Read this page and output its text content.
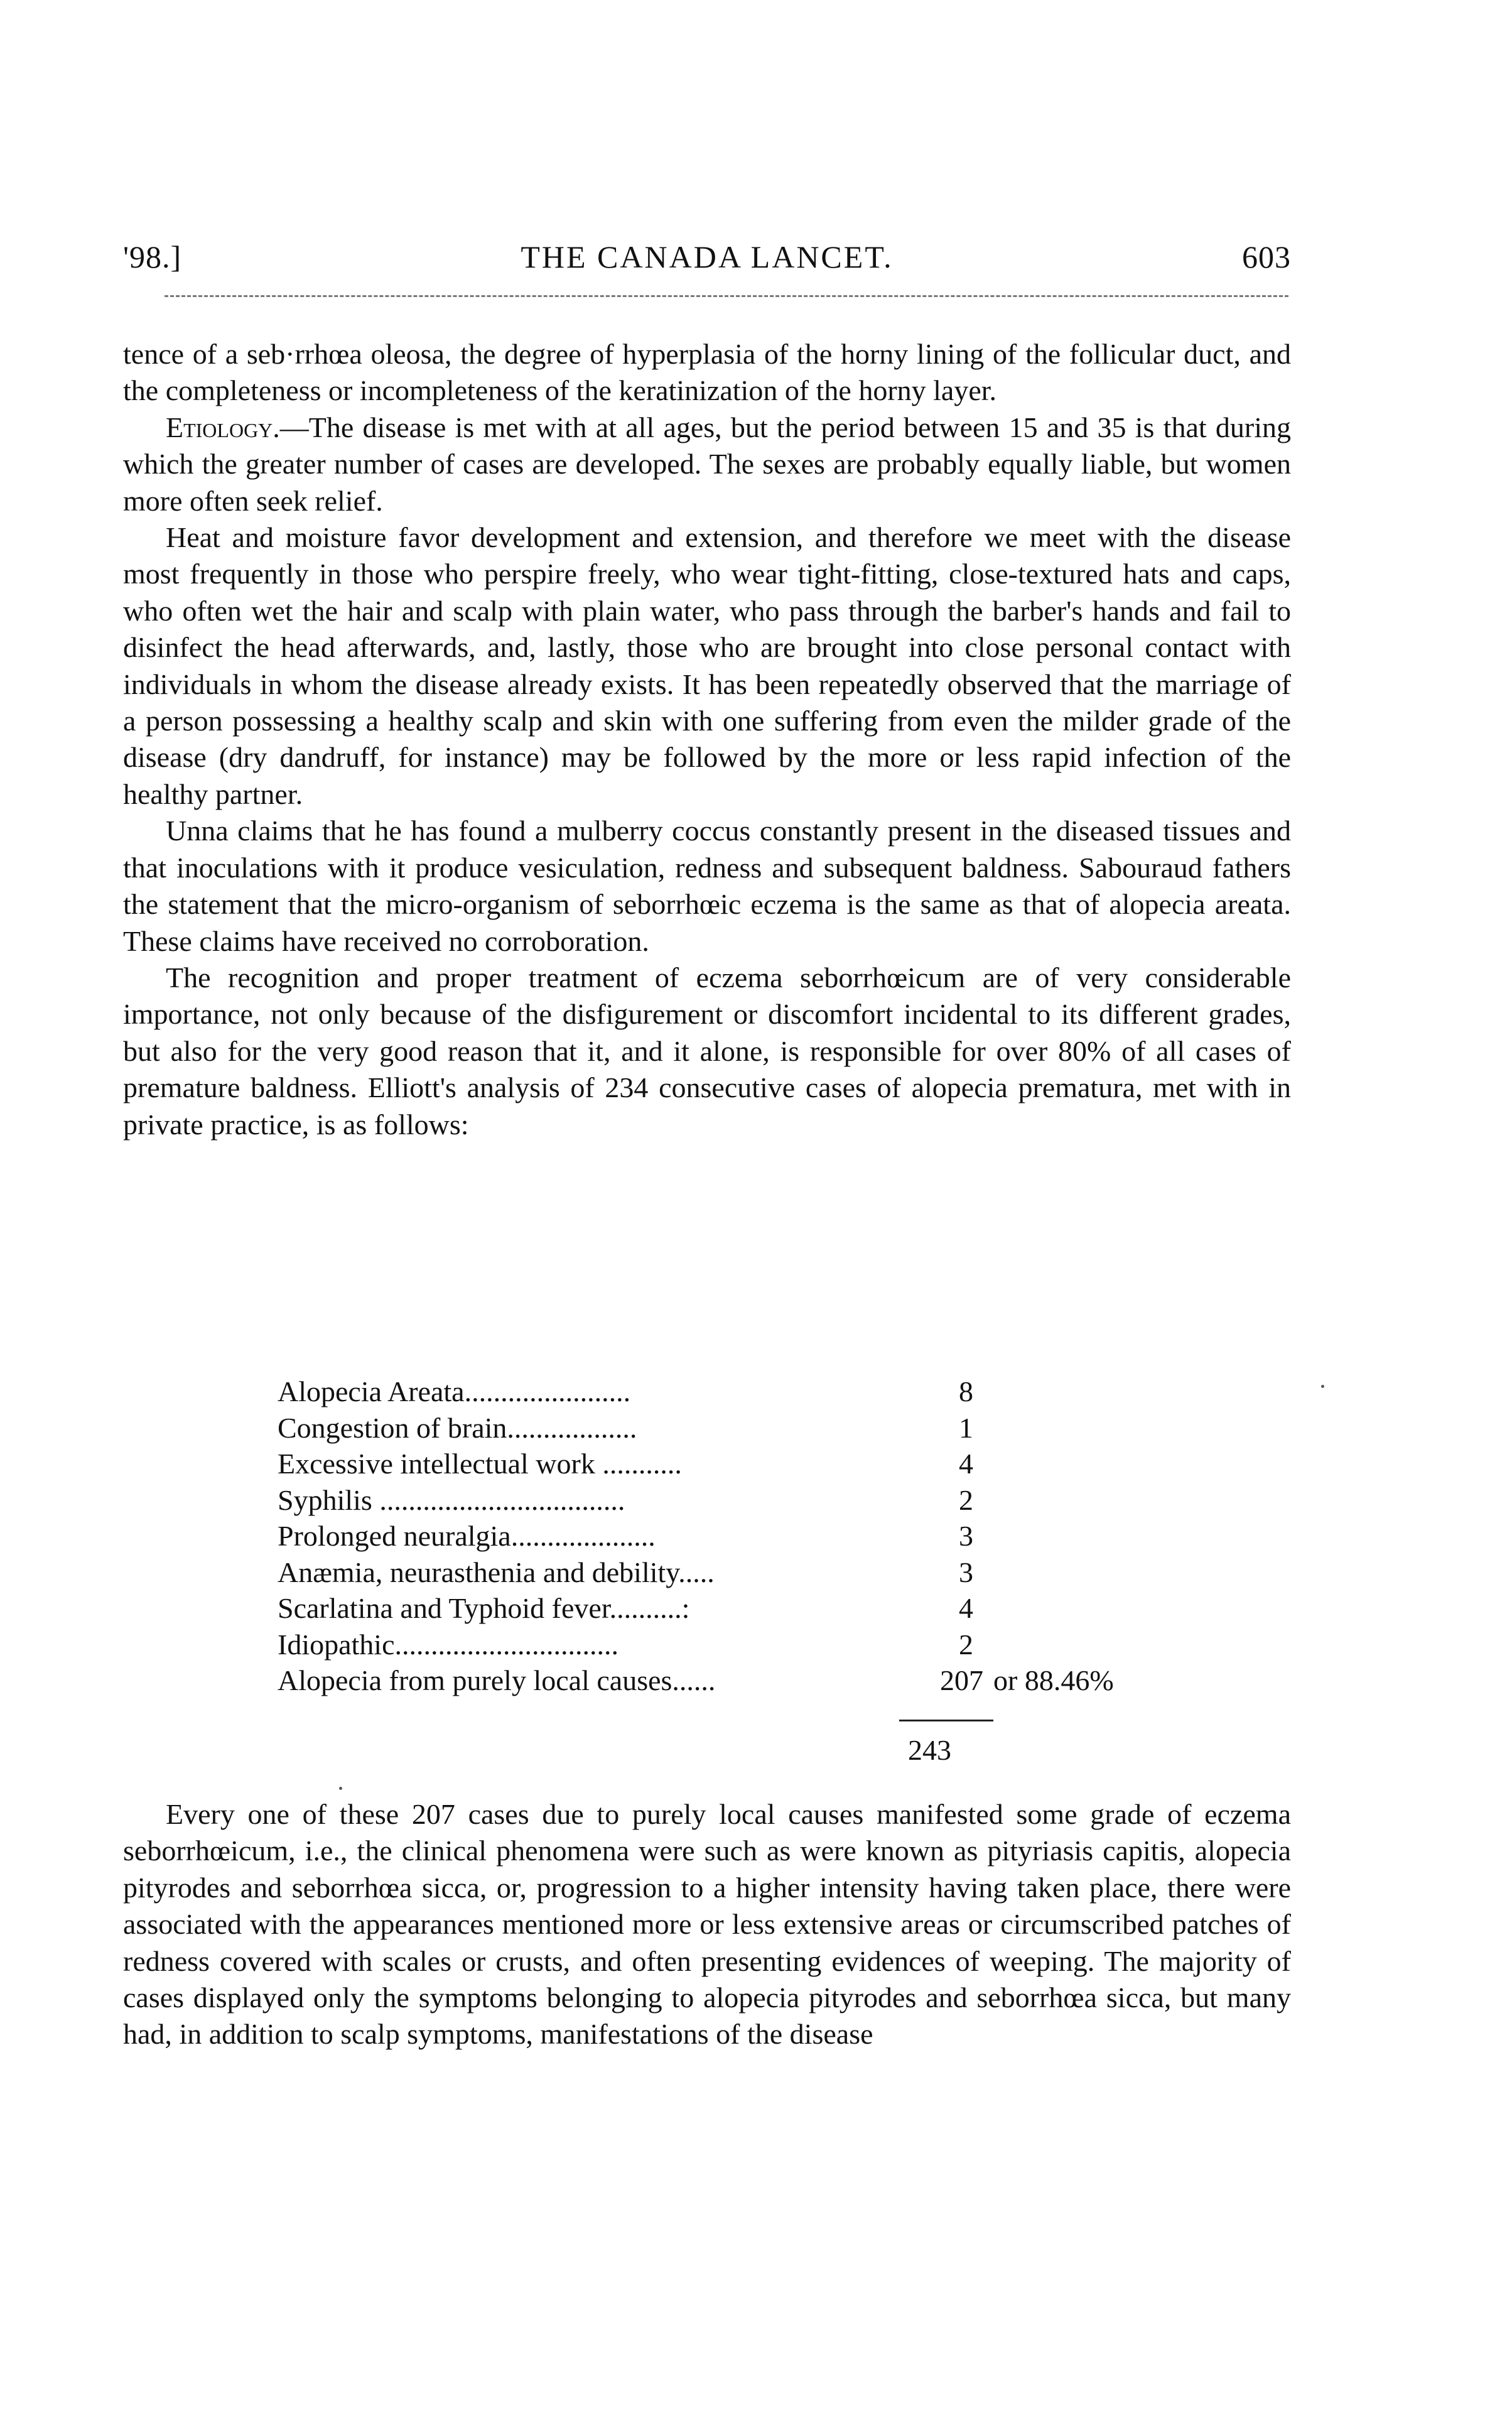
'98.]	THE CANADA LANCET.	603

tence of a seb·rrhœa oleosa, the degree of hyperplasia of the horny lining of the follicular duct, and the completeness or incompleteness of the keratinization of the horny layer.

Etiology.—The disease is met with at all ages, but the period between 15 and 35 is that during which the greater number of cases are developed. The sexes are probably equally liable, but women more often seek relief.

Heat and moisture favor development and extension, and therefore we meet with the disease most frequently in those who perspire freely, who wear tight-fitting, close-textured hats and caps, who often wet the hair and scalp with plain water, who pass through the barber's hands and fail to disinfect the head afterwards, and, lastly, those who are brought into close personal contact with individuals in whom the disease already exists. It has been repeatedly observed that the marriage of a person possessing a healthy scalp and skin with one suffering from even the milder grade of the disease (dry dandruff, for instance) may be followed by the more or less rapid infection of the healthy partner.

Unna claims that he has found a mulberry coccus constantly present in the diseased tissues and that inoculations with it produce vesiculation, redness and subsequent baldness. Sabouraud fathers the statement that the micro-organism of seborrhœic eczema is the same as that of alopecia areata. These claims have received no corroboration.

The recognition and proper treatment of eczema seborrhœicum are of very considerable importance, not only because of the disfigurement or discomfort incidental to its different grades, but also for the very good reason that it, and it alone, is responsible for over 80% of all cases of premature baldness. Elliott's analysis of 234 consecutive cases of alopecia prematura, met with in private practice, is as follows:

Alopecia Areata.......................	8
Congestion of brain..................	1
Excessive intellectual work ...........	4
Syphilis ..................................	2
Prolonged neuralgia....................	3
Anæmia, neurasthenia and debility.....	3
Scarlatina and Typhoid fever..........:	4
Idiopathic...............................	2
Alopecia from purely local causes......	207 or 88.46%
243

Every one of these 207 cases due to purely local causes manifested some grade of eczema seborrhœicum, i.e., the clinical phenomena were such as were known as pityriasis capitis, alopecia pityrodes and seborrhœa sicca, or, progression to a higher intensity having taken place, there were associated with the appearances mentioned more or less extensive areas or circumscribed patches of redness covered with scales or crusts, and often presenting evidences of weeping. The majority of cases displayed only the symptoms belonging to alopecia pityrodes and seborrhœa sicca, but many had, in addition to scalp symptoms, manifestations of the disease
